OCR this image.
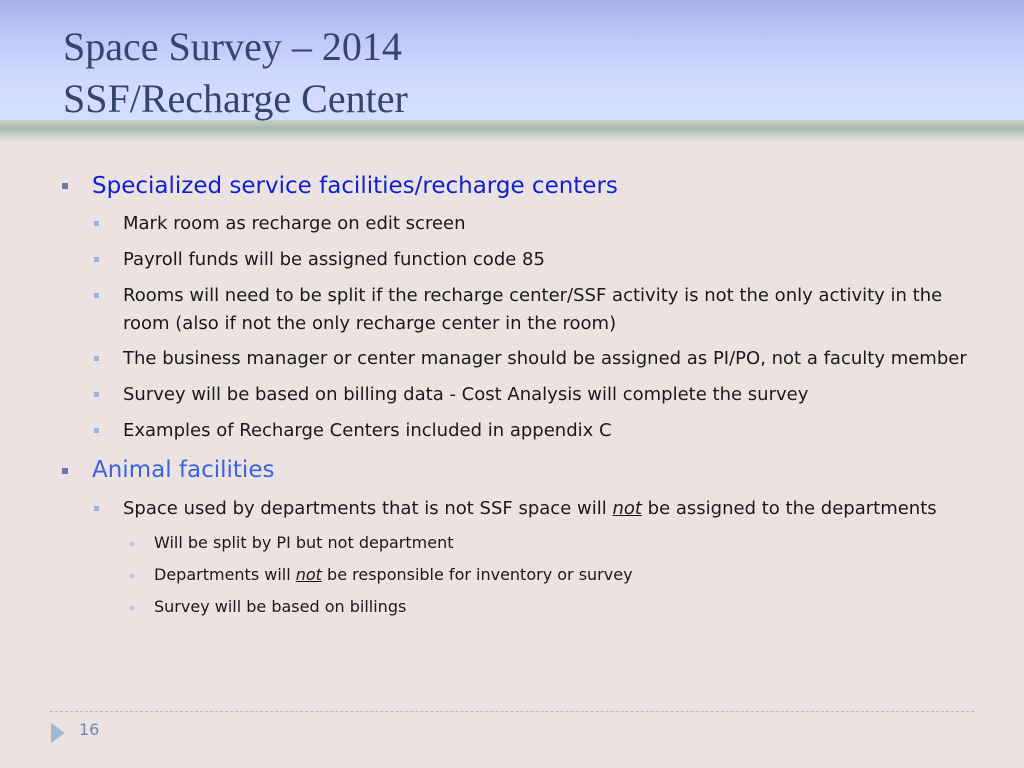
Space Survey – 2014
SSF/Recharge Center
Specialized service facilities/recharge centers
Mark room as recharge on edit screen
Payroll funds will be assigned function code 85
Rooms will need to be split if the recharge center/SSF activity is not the only activity in the
room (also if not the only recharge center in the room)
The business manager or center manager should be assigned as PI/PO, not a faculty member
Survey will be based on billing data - Cost Analysis will complete the survey
Examples of Recharge Centers included in appendix C
Animal facilities
Space used by departments that is not SSF space will not be assigned to the departments
Will be split by PI but not department
Departments will not be responsible for inventory or survey
Survey will be based on billings
16
